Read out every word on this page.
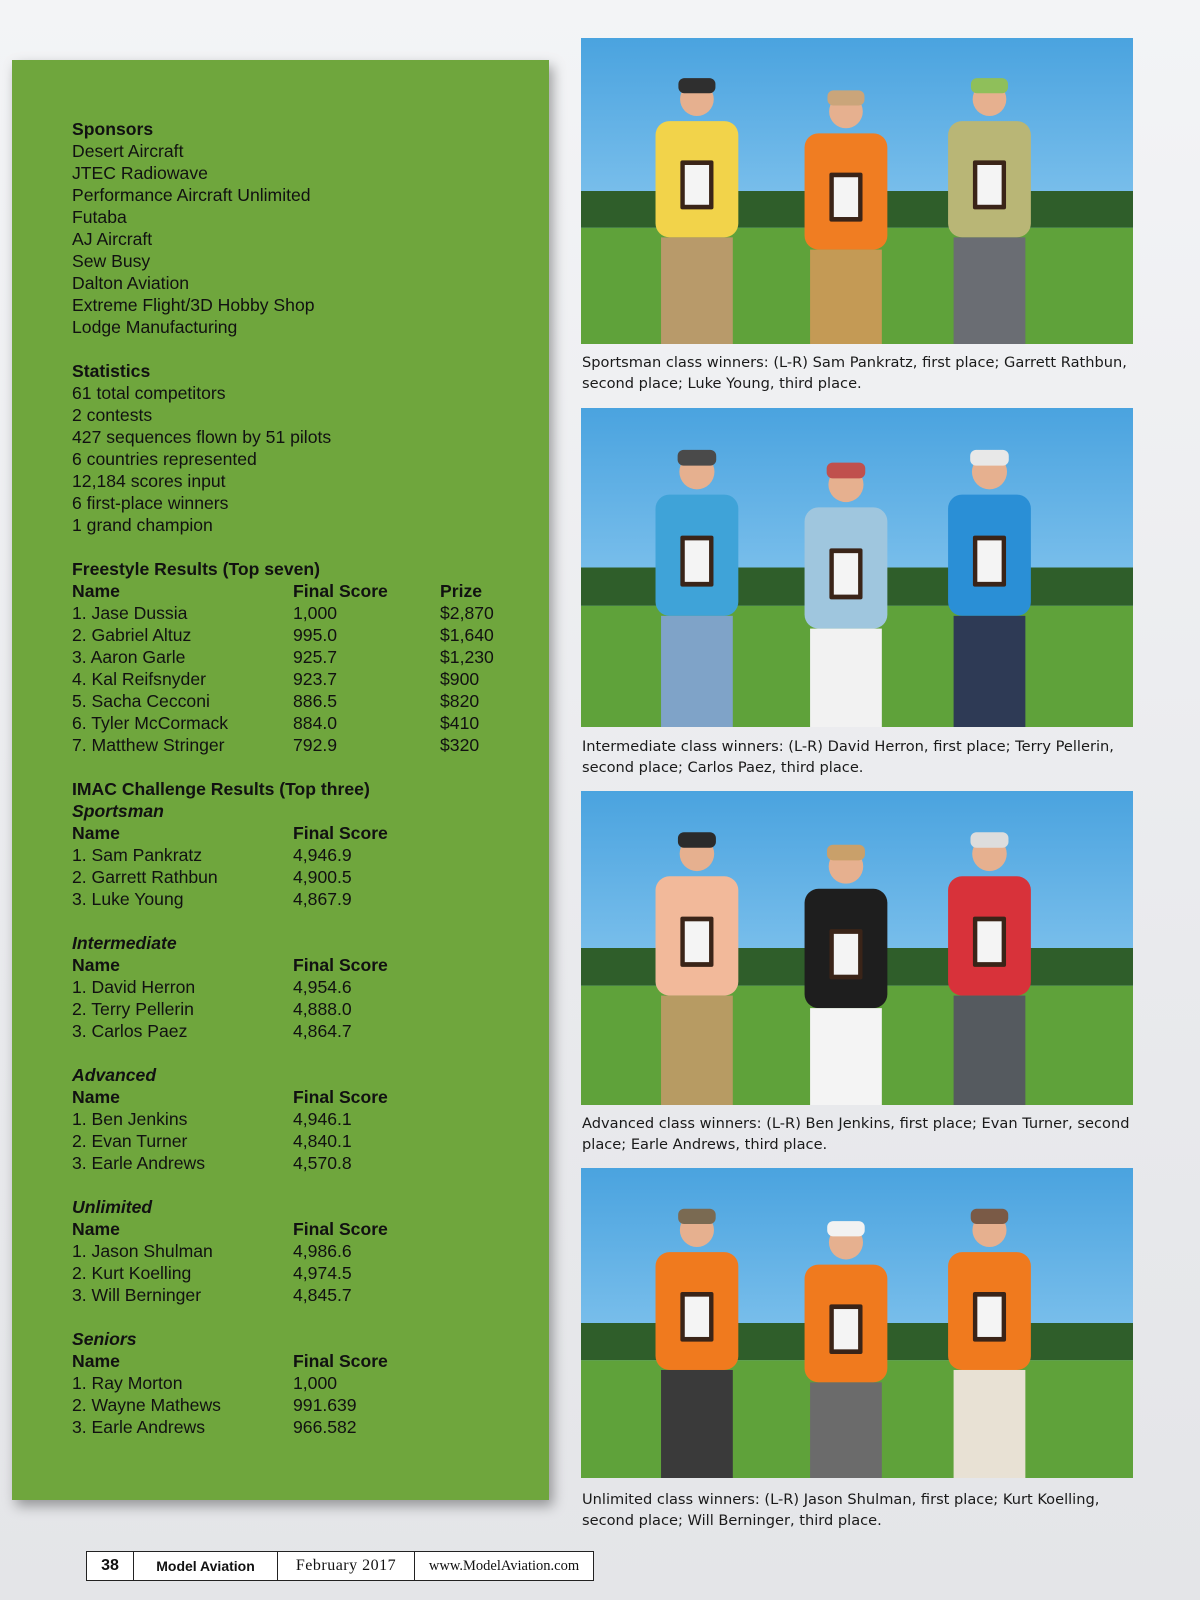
Sponsors
Desert Aircraft
JTEC Radiowave
Performance Aircraft Unlimited
Futaba
AJ Aircraft
Sew Busy
Dalton Aviation
Extreme Flight/3D Hobby Shop
Lodge Manufacturing
Statistics
61 total competitors
2 contests
427 sequences flown by 51 pilots
6 countries represented
12,184 scores input
6 first-place winners
1 grand champion
Freestyle Results (Top seven)
Name	Final Score	Prize
1. Jase Dussia	1,000	$2,870
2. Gabriel Altuz	995.0	$1,640
3. Aaron Garle	925.7	$1,230
4. Kal Reifsnyder	923.7	$900
5. Sacha Cecconi	886.5	$820
6. Tyler McCormack	884.0	$410
7. Matthew Stringer	792.9	$320
IMAC Challenge Results (Top three)
Sportsman
Name	Final Score
1. Sam Pankratz	4,946.9
2. Garrett Rathbun	4,900.5
3. Luke Young	4,867.9
Intermediate
Name	Final Score
1. David Herron	4,954.6
2. Terry Pellerin	4,888.0
3. Carlos Paez	4,864.7
Advanced
Name	Final Score
1. Ben Jenkins	4,946.1
2. Evan Turner	4,840.1
3. Earle Andrews	4,570.8
Unlimited
Name	Final Score
1. Jason Shulman	4,986.6
2. Kurt Koelling	4,974.5
3. Will Berninger	4,845.7
Seniors
Name	Final Score
1. Ray Morton	1,000
2. Wayne Mathews	991.639
3. Earle Andrews	966.582
Sportsman class winners: (L-R) Sam Pankratz, first place; Garrett Rathbun,
second place; Luke Young, third place.
Intermediate class winners: (L-R) David Herron, first place; Terry Pellerin,
second place; Carlos Paez, third place.
Advanced class winners: (L-R) Ben Jenkins, first place; Evan Turner, second
place; Earle Andrews, third place.
Unlimited class winners: (L-R) Jason Shulman, first place; Kurt Koelling,
second place; Will Berninger, third place.
38	Model Aviation	February 2017	www.ModelAviation.com
